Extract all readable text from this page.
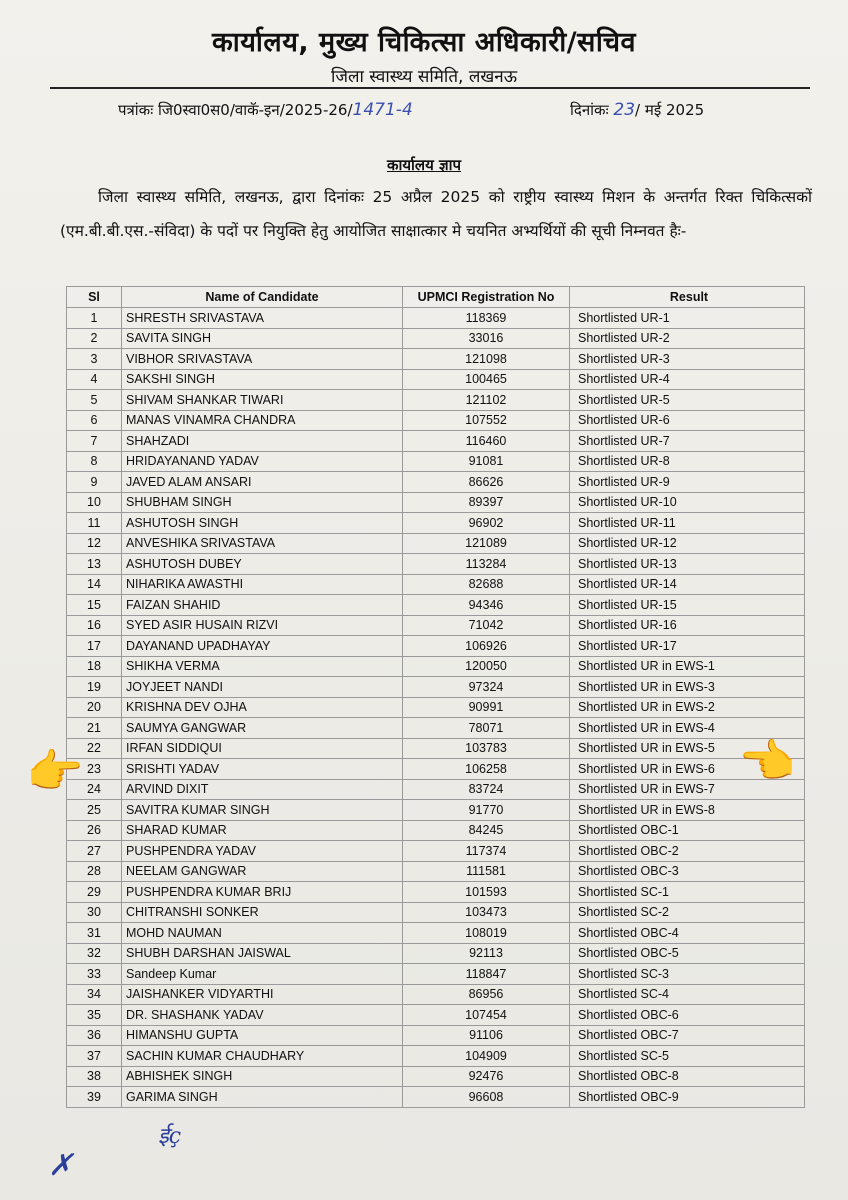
कार्यालय, मुख्य चिकित्सा अधिकारी/सचिव
जिला स्वास्थ्य समिति, लखनऊ
पत्रांकः जि0स्वा0स0/वाकॅ-इन/2025-26/1471-4	दिनांकः 23/ मई 2025
कार्यालय ज्ञाप
जिला स्वास्थ्य समिति, लखनऊ, द्वारा दिनांकः 25 अप्रैल 2025 को राष्ट्रीय स्वास्थ्य मिशन के अन्तर्गत रिक्त चिकित्सकों (एम.बी.बी.एस.-संविदा) के पदों पर नियुक्ति हेतु आयोजित साक्षात्कार मे चयनित अभ्यर्थियों की सूची निम्नवत हैः-
Sl	Name of Candidate	UPMCI Registration No	Result
1	SHRESTH SRIVASTAVA	118369	Shortlisted UR-1
2	SAVITA SINGH	33016	Shortlisted UR-2
3	VIBHOR SRIVASTAVA	121098	Shortlisted UR-3
4	SAKSHI SINGH	100465	Shortlisted UR-4
5	SHIVAM SHANKAR TIWARI	121102	Shortlisted UR-5
6	MANAS VINAMRA CHANDRA	107552	Shortlisted UR-6
7	SHAHZADI	116460	Shortlisted UR-7
8	HRIDAYANAND YADAV	91081	Shortlisted UR-8
9	JAVED ALAM ANSARI	86626	Shortlisted UR-9
10	SHUBHAM SINGH	89397	Shortlisted UR-10
11	ASHUTOSH SINGH	96902	Shortlisted UR-11
12	ANVESHIKA SRIVASTAVA	121089	Shortlisted UR-12
13	ASHUTOSH DUBEY	113284	Shortlisted UR-13
14	NIHARIKA AWASTHI	82688	Shortlisted UR-14
15	FAIZAN SHAHID	94346	Shortlisted UR-15
16	SYED ASIR HUSAIN RIZVI	71042	Shortlisted UR-16
17	DAYANAND UPADHAYAY	106926	Shortlisted UR-17
18	SHIKHA VERMA	120050	Shortlisted UR in EWS-1
19	JOYJEET NANDI	97324	Shortlisted UR in EWS-3
20	KRISHNA DEV OJHA	90991	Shortlisted UR in EWS-2
21	SAUMYA GANGWAR	78071	Shortlisted UR in EWS-4
22	IRFAN SIDDIQUI	103783	Shortlisted UR in EWS-5
23	SRISHTI YADAV	106258	Shortlisted UR in EWS-6
24	ARVIND DIXIT	83724	Shortlisted UR in EWS-7
25	SAVITRA KUMAR SINGH	91770	Shortlisted UR in EWS-8
26	SHARAD KUMAR	84245	Shortlisted OBC-1
27	PUSHPENDRA YADAV	117374	Shortlisted OBC-2
28	NEELAM GANGWAR	111581	Shortlisted OBC-3
29	PUSHPENDRA KUMAR BRIJ	101593	Shortlisted SC-1
30	CHITRANSHI SONKER	103473	Shortlisted SC-2
31	MOHD NAUMAN	108019	Shortlisted OBC-4
32	SHUBH DARSHAN JAISWAL	92113	Shortlisted OBC-5
33	Sandeep Kumar	118847	Shortlisted SC-3
34	JAISHANKER VIDYARTHI	86956	Shortlisted SC-4
35	DR. SHASHANK YADAV	107454	Shortlisted OBC-6
36	HIMANSHU GUPTA	91106	Shortlisted OBC-7
37	SACHIN KUMAR CHAUDHARY	104909	Shortlisted SC-5
38	ABHISHEK SINGH	92476	Shortlisted OBC-8
39	GARIMA SINGH	96608	Shortlisted OBC-9
👉	👉
ईç
✗
